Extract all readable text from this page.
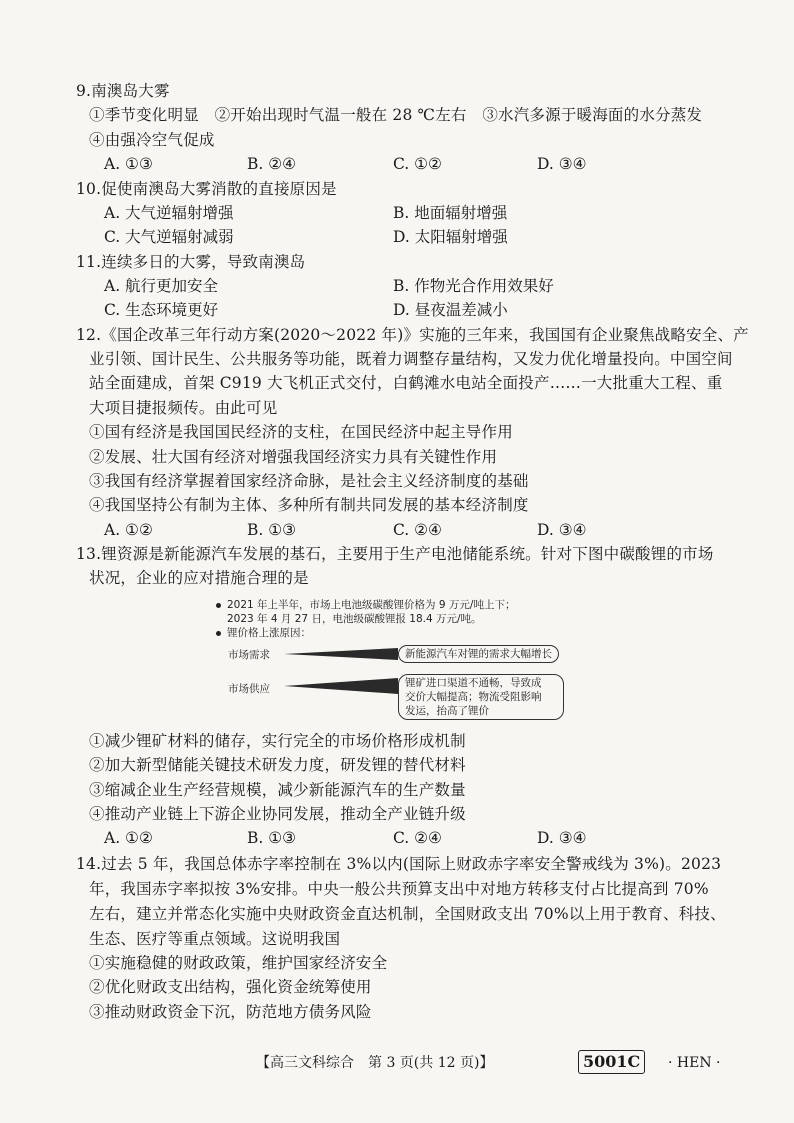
9.南澳岛大雾
①季节变化明显　②开始出现时气温一般在 28 ℃左右　③水汽多源于暖海面的水分蒸发
④由强冷空气促成
A. ①③	B. ②④	C. ①②	D. ③④
10.促使南澳岛大雾消散的直接原因是
A. 大气逆辐射增强	B. 地面辐射增强
C. 大气逆辐射减弱	D. 太阳辐射增强
11.连续多日的大雾，导致南澳岛
A. 航行更加安全	B. 作物光合作用效果好
C. 生态环境更好	D. 昼夜温差减小
12.《国企改革三年行动方案(2020～2022 年)》实施的三年来，我国国有企业聚焦战略安全、产
业引领、国计民生、公共服务等功能，既着力调整存量结构，又发力优化增量投向。中国空间
站全面建成，首架 C919 大飞机正式交付，白鹤滩水电站全面投产……一大批重大工程、重
大项目捷报频传。由此可见
①国有经济是我国国民经济的支柱，在国民经济中起主导作用
②发展、壮大国有经济对增强我国经济实力具有关键性作用
③我国有经济掌握着国家经济命脉，是社会主义经济制度的基础
④我国坚持公有制为主体、多种所有制共同发展的基本经济制度
A. ①②	B. ①③	C. ②④	D. ③④
13.锂资源是新能源汽车发展的基石，主要用于生产电池储能系统。针对下图中碳酸锂的市场
状况，企业的应对措施合理的是
2021 年上半年，市场上电池级碳酸锂价格为 9 万元/吨上下；
2023 年 4 月 27 日，电池级碳酸锂报 18.4 万元/吨。
锂价格上涨原因：
市场需求	新能源汽车对锂的需求大幅增长
市场供应	锂矿进口渠道不通畅，导致成
交价大幅提高；物流受阻影响
发运，抬高了锂价
①减少锂矿材料的储存，实行完全的市场价格形成机制
②加大新型储能关键技术研发力度，研发锂的替代材料
③缩减企业生产经营规模，减少新能源汽车的生产数量
④推动产业链上下游企业协同发展，推动全产业链升级
A. ①②	B. ①③	C. ②④	D. ③④
14.过去 5 年，我国总体赤字率控制在 3%以内(国际上财政赤字率安全警戒线为 3%)。2023
年，我国赤字率拟按 3%安排。中央一般公共预算支出中对地方转移支付占比提高到 70%
左右，建立并常态化实施中央财政资金直达机制，全国财政支出 70%以上用于教育、科技、
生态、医疗等重点领域。这说明我国
①实施稳健的财政政策，维护国家经济安全
②优化财政支出结构，强化资金统筹使用
③推动财政资金下沉，防范地方债务风险
【高三文科综合　第 3 页(共 12 页)】	5001C	· HEN ·
